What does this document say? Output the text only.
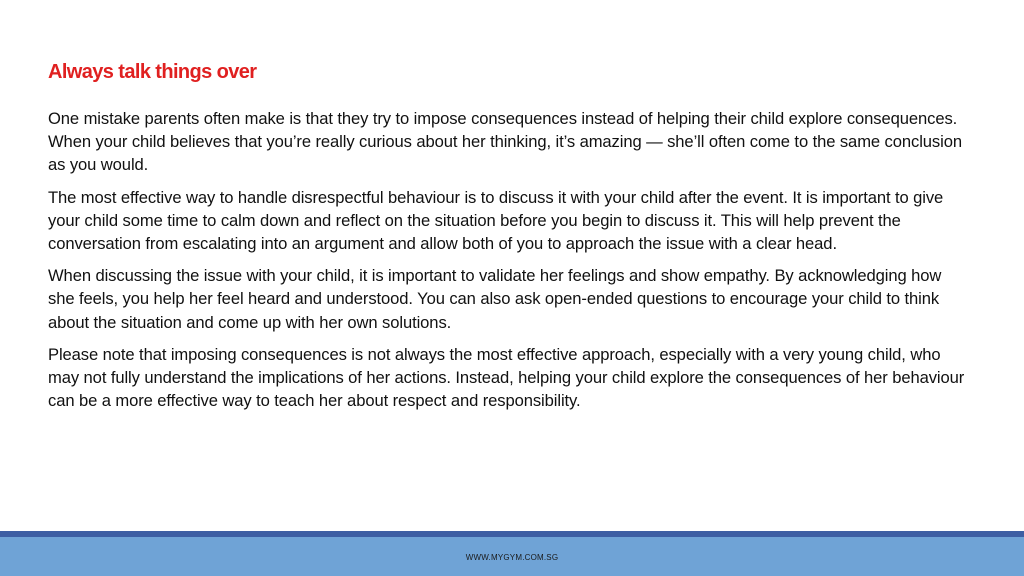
Always talk things over

One mistake parents often make is that they try to impose consequences instead of helping their child explore consequences. When your child believes that you’re really curious about her thinking, it’s amazing — she’ll often come to the same conclusion as you would.

The most effective way to handle disrespectful behaviour is to discuss it with your child after the event. It is important to give your child some time to calm down and reflect on the situation before you begin to discuss it. This will help prevent the conversation from escalating into an argument and allow both of you to approach the issue with a clear head.

When discussing the issue with your child, it is important to validate her feelings and show empathy. By acknowledging how she feels, you help her feel heard and understood. You can also ask open-ended questions to encourage your child to think about the situation and come up with her own solutions.

Please note that imposing consequences is not always the most effective approach, especially with a very young child, who may not fully understand the implications of her actions. Instead, helping your child explore the consequences of her behaviour can be a more effective way to teach her about respect and responsibility.

WWW.MYGYM.COM.SG
